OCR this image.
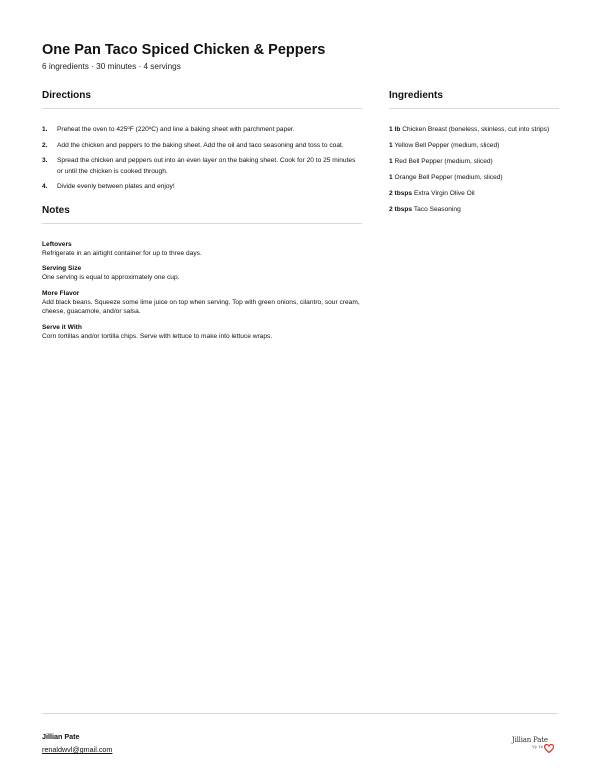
One Pan Taco Spiced Chicken & Peppers
6 ingredients · 30 minutes · 4 servings
Directions
1.	Preheat the oven to 425ºF (220ºC) and line a baking sheet with parchment paper.
2.	Add the chicken and peppers to the baking sheet. Add the oil and taco seasoning and toss to coat.
3.	Spread the chicken and peppers out into an even layer on the baking sheet. Cook for 20 to 25 minutes or until the chicken is cooked through.
4.	Divide evenly between plates and enjoy!
Notes
Leftovers
Refrigerate in an airtight container for up to three days.
Serving Size
One serving is equal to approximately one cup.
More Flavor
Add black beans. Squeeze some lime juice on top when serving. Top with green onions, cilantro, sour cream, cheese, guacamole, and/or salsa.
Serve it With
Corn tortillas and/or tortilla chips. Serve with lettuce to make into lettuce wraps.
Ingredients
1 lb Chicken Breast (boneless, skinless, cut into strips)
1 Yellow Bell Pepper (medium, sliced)
1 Red Bell Pepper (medium, sliced)
1 Orange Bell Pepper (medium, sliced)
2 tbsps Extra Virgin Olive Oil
2 tbsps Taco Seasoning
Jillian Pate
renaldwvl@gmail.com
Jillian Pate
Vy Ve
